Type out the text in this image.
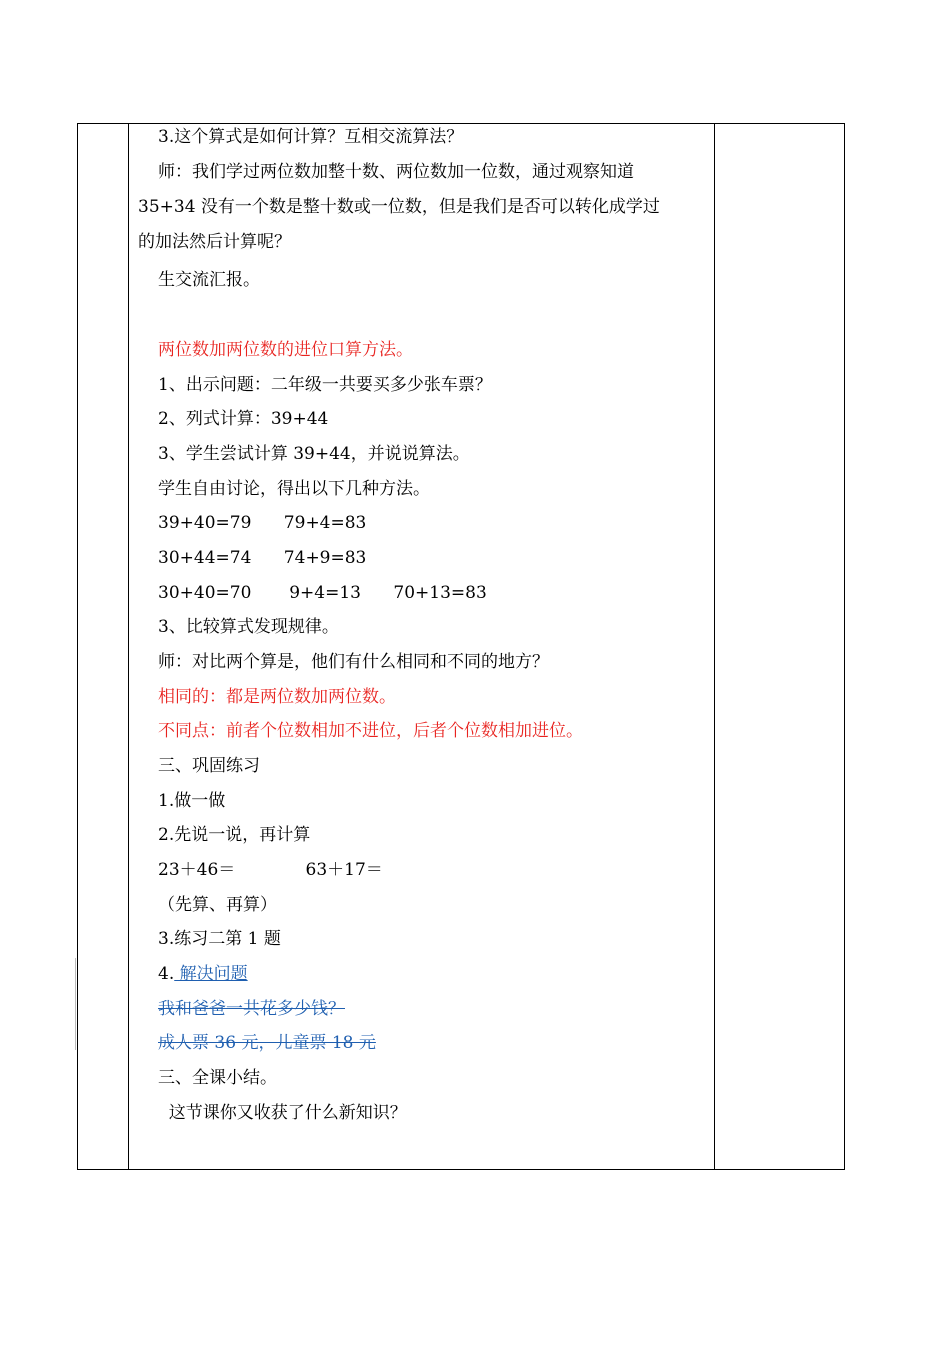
3.这个算式是如何计算？互相交流算法？
师：我们学过两位数加整十数、两位数加一位数，通过观察知道
35+34 没有一个数是整十数或一位数，但是我们是否可以转化成学过
的加法然后计算呢？
生交流汇报。
两位数加两位数的进位口算方法。
1、出示问题：二年级一共要买多少张车票？
2、列式计算：39+44
3、学生尝试计算 39+44，并说说算法。
学生自由讨论，得出以下几种方法。
39+40=79      79+4=83
30+44=74      74+9=83
30+40=70       9+4=13      70+13=83
3、比较算式发现规律。
师：对比两个算是，他们有什么相同和不同的地方？
相同的：都是两位数加两位数。
不同点：前者个位数相加不进位，后者个位数相加进位。
三、巩固练习
1.做一做
2.先说一说，再计算
23＋46＝             63＋17＝
（先算、再算）
3.练习二第 1 题
4. 解决问题
我和爸爸一共花多少钱？
成人票 36 元，儿童票 18 元
三、全课小结。
这节课你又收获了什么新知识？
